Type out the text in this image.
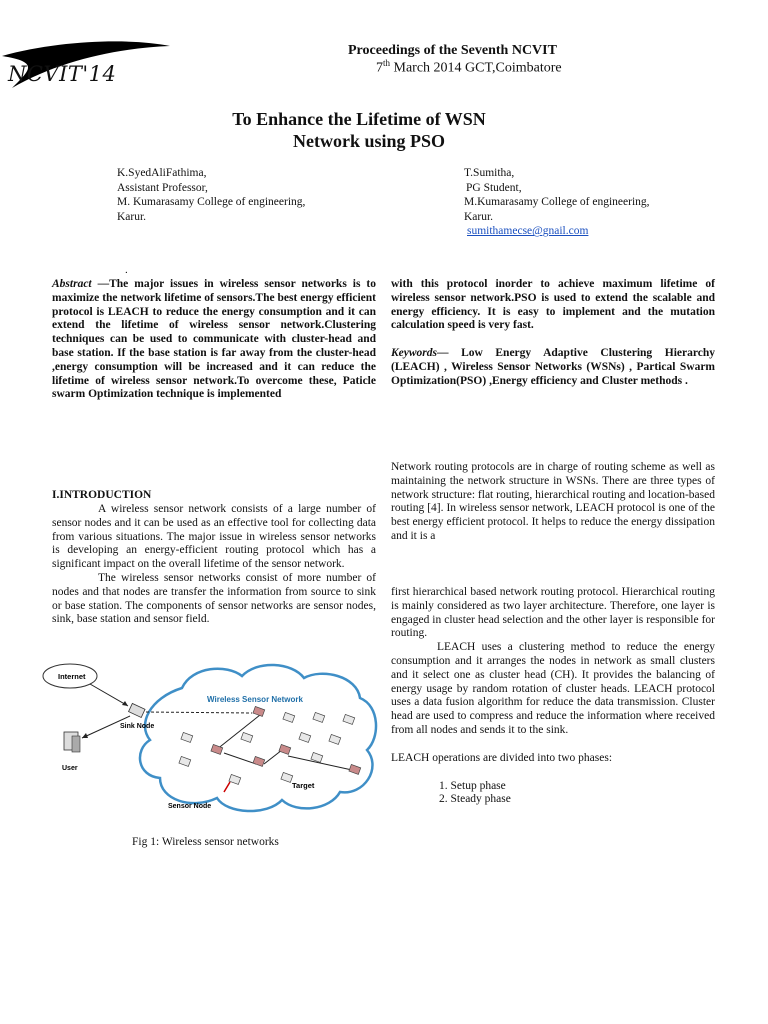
NCVIT'14
Proceedings of the Seventh NCVIT
7th March 2014 GCT,Coimbatore
To Enhance the Lifetime of WSN
Network using PSO
K.SyedAliFathima,
Assistant Professor,
M. Kumarasamy College of engineering,
Karur.
T.Sumitha,
PG Student,
M.Kumarasamy College of engineering,
Karur.
sumithamecse@gnail.com
.

Abstract —The major issues in wireless sensor networks is to maximize the network lifetime of sensors.The best energy efficient protocol is LEACH to reduce the energy consumption and it can extend the lifetime of wireless sensor network.Clustering techniques can be used to communicate with cluster-head and base station. If the base station is far away from the cluster-head ,energy consumption will be increased and it can reduce the lifetime of wireless sensor network.To overcome these, Paticle swarm Optimization technique is implemented

with this protocol inorder to achieve maximum lifetime of wireless sensor network.PSO is used to extend the scalable and energy efficiency. It is easy to implement and the mutation calculation speed is very fast.

Keywords— Low Energy Adaptive Clustering Hierarchy (LEACH) , Wireless Sensor Networks (WSNs) , Partical Swarm Optimization(PSO) ,Energy efficiency and Cluster methods .

I.INTRODUCTION

A wireless sensor network consists of a large number of sensor nodes and it can be used as an effective tool for collecting data from various situations. The major issue in wireless sensor networks is developing an energy-efficient routing protocol which has a significant impact on the overall lifetime of the sensor network.

The wireless sensor networks consist of more number of nodes and that nodes are transfer the information from source to sink or base station. The components of sensor networks are sensor nodes, sink, base station and sensor field.

Wireless Sensor Network
Internet
Sink Node
User
Target
Sensor Node
Fig 1: Wireless sensor networks

Network routing protocols are in charge of routing scheme as well as maintaining the network structure in WSNs. There are three types of network structure: flat routing, hierarchical routing and location-based routing [4]. In wireless sensor network, LEACH protocol is one of the best energy efficient protocol. It helps to reduce the energy dissipation and it is a

first hierarchical based network routing protocol. Hierarchical routing is mainly considered as two layer architecture. Therefore, one layer is engaged in cluster head selection and the other layer is responsible for routing.

LEACH uses a clustering method to reduce the energy consumption and it arranges the nodes in network as small clusters and it select one as cluster head (CH). It provides the balancing of energy usage by random rotation of cluster heads. LEACH protocol uses a data fusion algorithm for reduce the data transmission. Cluster head are used to compress and reduce the information where received from all nodes and sends it to the sink.

LEACH operations are divided into two phases:

1. Setup phase
2. Steady phase
